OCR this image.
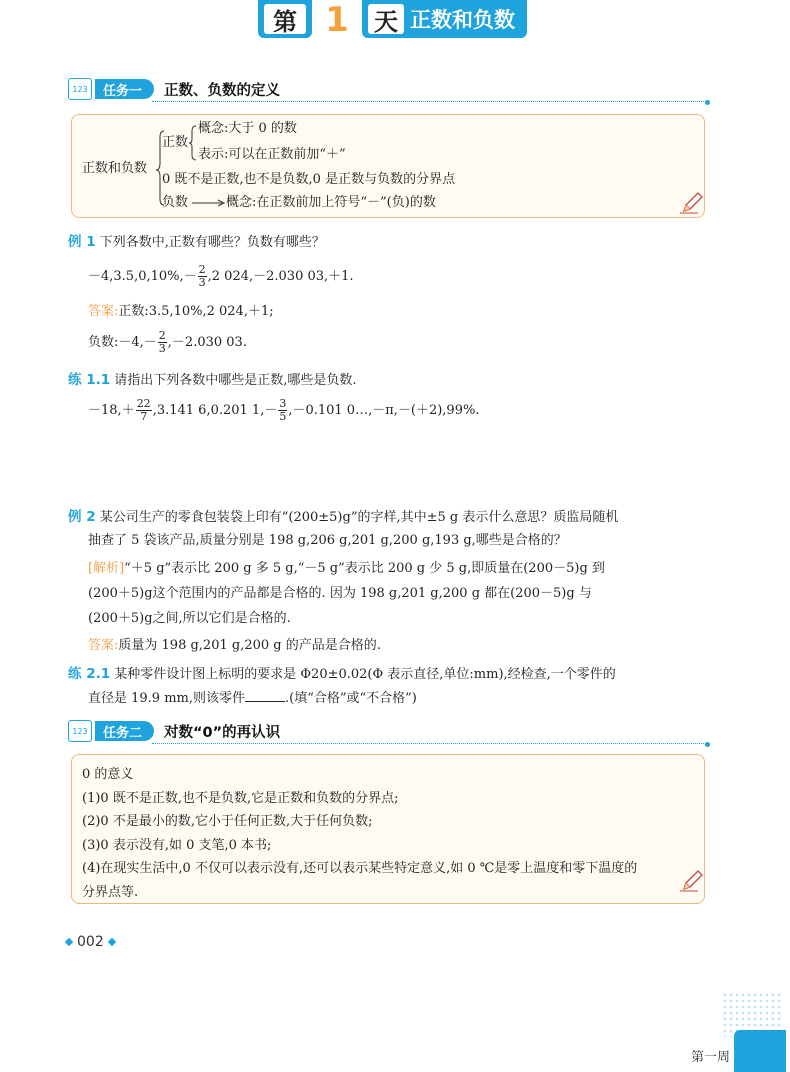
第 1	天 正数和负数
123	任务一	正数、负数的定义
正数和负数
正数
概念:大于 0 的数
表示:可以在正数前加“＋”
0 既不是正数,也不是负数,0 是正数与负数的分界点
负数	概念:在正数前加上符号“－”(负)的数
例 1 下列各数中,正数有哪些？负数有哪些？
$-4,3.5,0,10\%,- \frac{2}{3} ,2$ 024,－2.030 03,＋1.
答案:正数:3.5,10%,2 024,＋1;
负数:－4,－ $\frac{2}{3} ,-2.030$ 03.
练 1.1 请指出下列各数中哪些是正数,哪些是负数.
$-18,+ \frac{22}{7} ,3.141$ 6,0.201 $1,- \frac{3}{5} ,-0.101$ 0…,－π,－(＋2),99%.
例 2 某公司生产的零食包装袋上印有“(200±5)g”的字样,其中±5 g 表示什么意思？质监局随机
抽查了 5 袋该产品,质量分别是 198 g,206 g,201 g,200 g,193 g,哪些是合格的？
[解析]“＋5 g”表示比 200 g 多 5 g,“－5 g”表示比 200 g 少 5 g,即质量在(200－5)g 到
(200＋5)g这个范围内的产品都是合格的. 因为 198 g,201 g,200 g 都在(200－5)g 与
(200＋5)g之间,所以它们是合格的.
答案:质量为 198 g,201 g,200 g 的产品是合格的.
练 2.1 某种零件设计图上标明的要求是 Φ20±0.02(Φ 表示直径,单位:mm),经检查,一个零件的
直径是 19.9 mm,则该零件	.(填“合格”或“不合格”)
123	任务二	对数“0”的再认识
0 的意义
(1)0 既不是正数,也不是负数,它是正数和负数的分界点;
(2)0 不是最小的数,它小于任何正数,大于任何负数;
(3)0 表示没有,如 0 支笔,0 本书;
(4)在现实生活中,0 不仅可以表示没有,还可以表示某些特定意义,如 0 ℃是零上温度和零下温度的
分界点等.
002
第一周
